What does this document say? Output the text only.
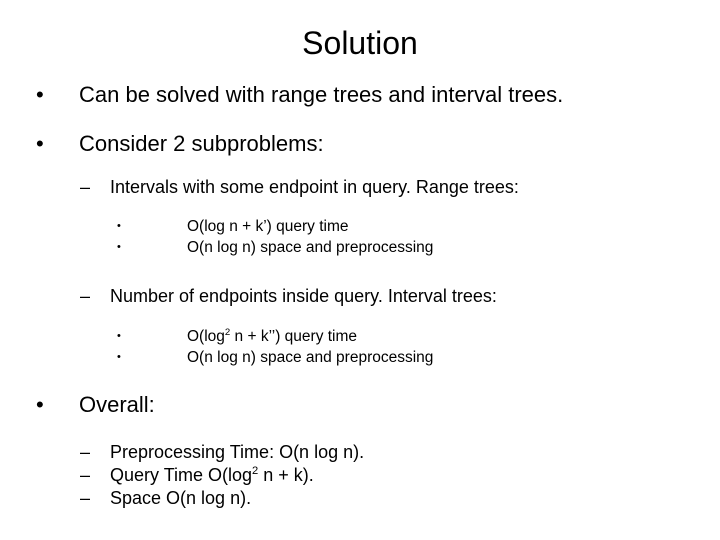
Solution
• Can be solved with range trees and interval trees.
• Consider 2 subproblems:
– Intervals with some endpoint in query. Range trees:
•	O(log n + k’) query time
•	O(n log n) space and preprocessing
– Number of endpoints inside query. Interval trees:
•	$O(\log^2$ n + k’’) query time
•	O(n log n) space and preprocessing
• Overall:
– Preprocessing Time: O(n log n).
– Query Time $O(\log^2$ n + k).
– Space O(n log n).
